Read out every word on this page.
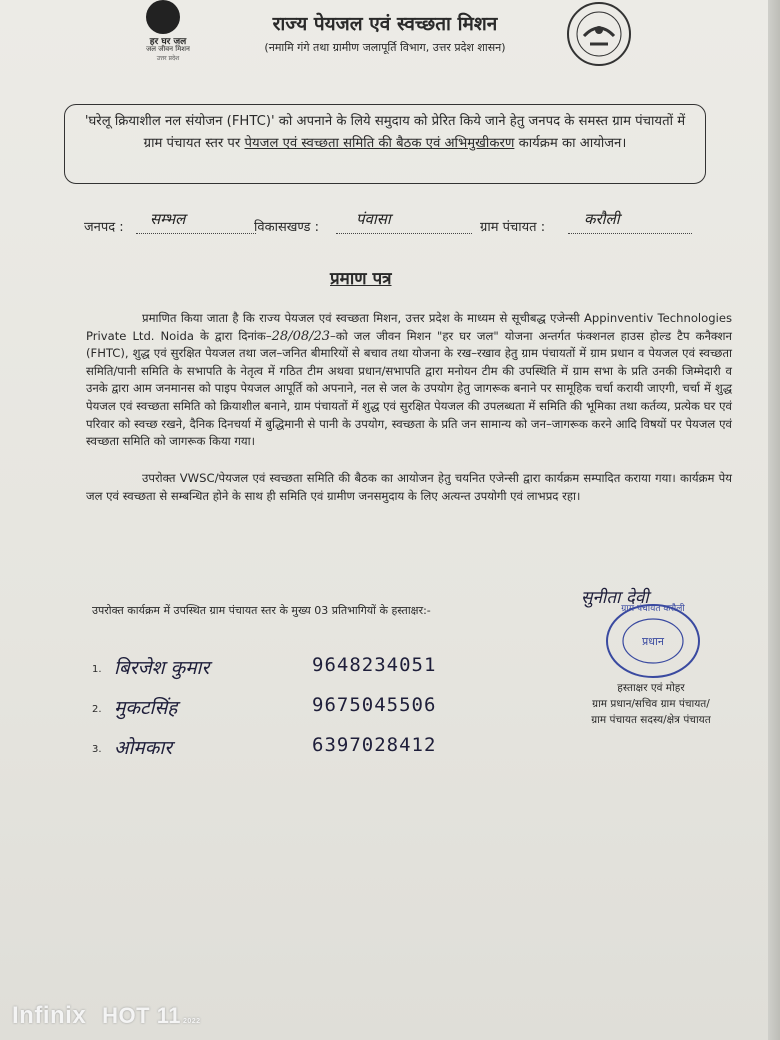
हर घर जल
जल जीवन मिशन
उत्तर प्रदेश
राज्य पेयजल एवं स्वच्छता मिशन
(नमामि गंगे तथा ग्रामीण जलापूर्ति विभाग, उत्तर प्रदेश शासन)

'घरेलू क्रियाशील नल संयोजन (FHTC)' को अपनाने के लिये समुदाय को प्रेरित किये जाने हेतु जनपद के समस्त ग्राम पंचायतों में ग्राम पंचायत स्तर पर पेयजल एवं स्वच्छता समिति की बैठक एवं अभिमुखीकरण कार्यक्रम का आयोजन।

जनपद : सम्भल	विकासखण्ड : पंवासा	ग्राम पंचायत :	करौली
प्रमाण पत्र
प्रमाणित किया जाता है कि राज्य पेयजल एवं स्वच्छता मिशन, उत्तर प्रदेश के माध्यम से सूचीबद्ध एजेन्सी Appinventiv Technologies Private Ltd. Noida के द्वारा दिनांक–28/08/23–को जल जीवन मिशन "हर घर जल" योजना अन्तर्गत फंक्शनल हाउस होल्ड टैप कनैक्शन (FHTC), शुद्ध एवं सुरक्षित पेयजल तथा जल–जनित बीमारियों से बचाव तथा योजना के रख–रखाव हेतु ग्राम पंचायतों में ग्राम प्रधान व पेयजल एवं स्वच्छता समिति/पानी समिति के सभापति के नेतृत्व में गठित टीम अथवा प्रधान/सभापति द्वारा मनोयन टीम की उपस्थिति में ग्राम सभा के प्रति उनकी जिम्मेदारी व उनके द्वारा आम जनमानस को पाइप पेयजल आपूर्ति को अपनाने, नल से जल के उपयोग हेतु जागरूक बनाने पर सामूहिक चर्चा करायी जाएगी, चर्चा में शुद्ध पेयजल एवं स्वच्छता समिति को क्रियाशील बनाने, ग्राम पंचायतों में शुद्ध एवं सुरक्षित पेयजल की उपलब्धता में समिति की भूमिका तथा कर्तव्य, प्रत्येक घर एवं परिवार को स्वच्छ रखने, दैनिक दिनचर्या में बुद्धिमानी से पानी के उपयोग, स्वच्छता के प्रति जन सामान्य को जन–जागरूक करने आदि विषयों पर पेयजल एवं स्वच्छता समिति को जागरूक किया गया।
उपरोक्त VWSC/पेयजल एवं स्वच्छता समिति की बैठक का आयोजन हेतु चयनित एजेन्सी द्वारा कार्यक्रम सम्पादित कराया गया। कार्यक्रम पेय जल एवं स्वच्छता से सम्बन्धित होने के साथ ही समिति एवं ग्रामीण जनसमुदाय के लिए अत्यन्त उपयोगी एवं लाभप्रद रहा।
उपरोक्त कार्यक्रम में उपस्थित ग्राम पंचायत स्तर के मुख्य 03 प्रतिभागियों के हस्ताक्षर:-
1. बिरजेश कुमार	9648234051
2. मुकटसिंह	9675045506
3. ओमकार	6397028412
प्रधान
ग्राम पंचायत करौली
सुनीता देवी
हस्ताक्षर एवं मोहर
ग्राम प्रधान/सचिव ग्राम पंचायत/
ग्राम पंचायत सदस्य/क्षेत्र पंचायत
Infinix HOT 11 2022
